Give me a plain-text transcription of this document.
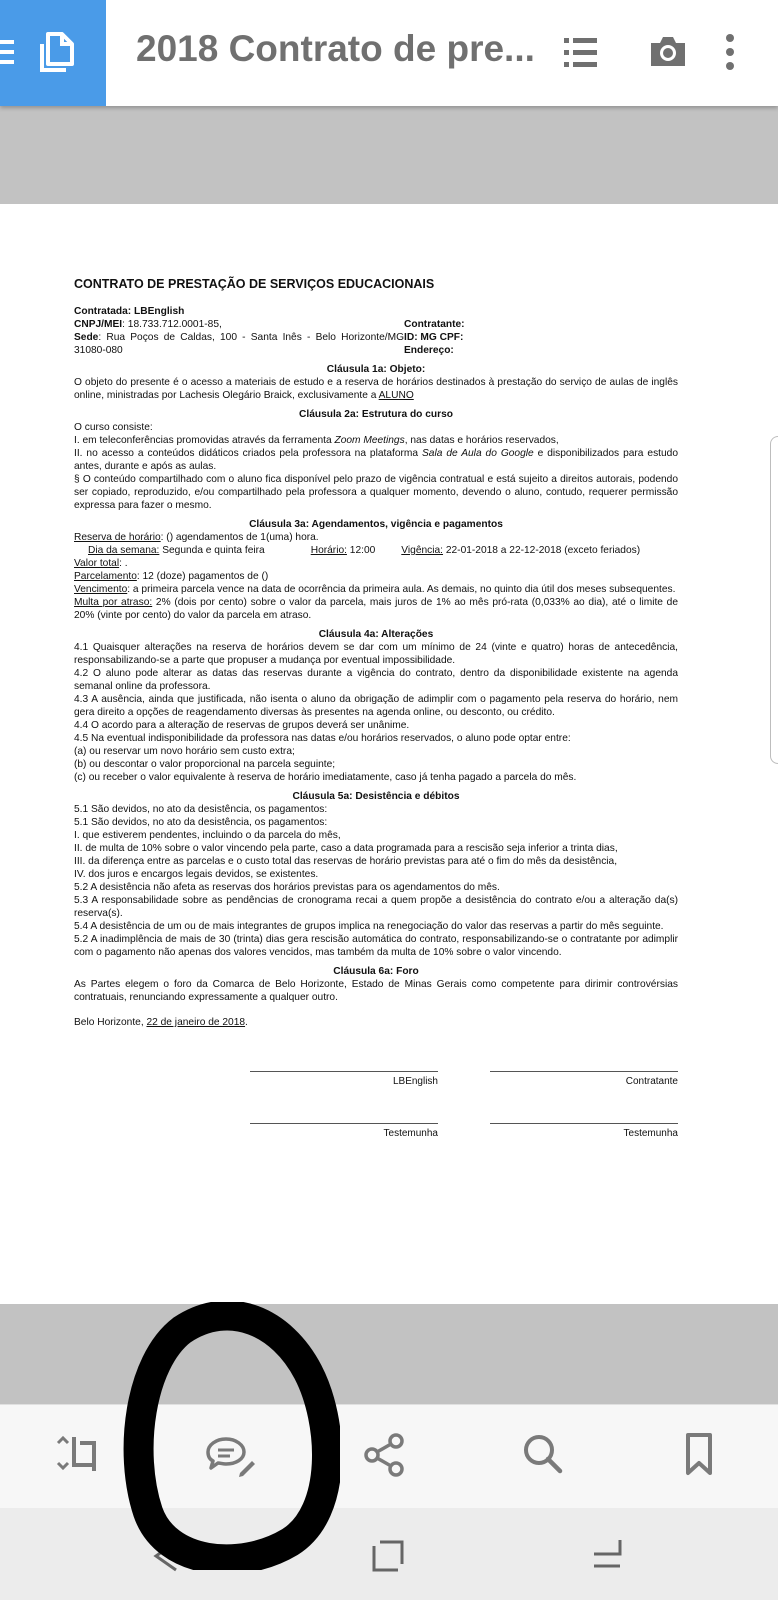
2018 Contrato de pre...

CONTRATO DE PRESTAÇÃO DE SERVIÇOS EDUCACIONAIS

Contratada: LBEnglish

CNPJ/MEI: 18.733.712.0001-85,

Sede: Rua Poços de Caldas, 100 - Santa Inês - Belo Horizonte/MG 31080-080

Contratante:

ID: MG CPF:

Endereço:

Cláusula 1a: Objeto:

O objeto do presente é o acesso a materiais de estudo e a reserva de horários destinados à prestação do serviço de aulas de inglês online, ministradas por Lachesis Olegário Braick, exclusivamente a ALUNO

Cláusula 2a: Estrutura do curso

O curso consiste:

I. em teleconferências promovidas através da ferramenta Zoom Meetings, nas datas e horários reservados,

II. no acesso a conteúdos didáticos criados pela professora na plataforma Sala de Aula do Google e disponibilizados para estudo antes, durante e após as aulas.

§ O conteúdo compartilhado com o aluno fica disponível pelo prazo de vigência contratual e está sujeito a direitos autorais, podendo ser copiado, reproduzido, e/ou compartilhado pela professora a qualquer momento, devendo o aluno, contudo, requerer permissão expressa para fazer o mesmo.

Cláusula 3a: Agendamentos, vigência e pagamentos

Reserva de horário: () agendamentos de 1(uma) hora.

Dia da semana: Segunda e quinta feira	Horário: 12:00	Vigência: 22-01-2018 a 22-12-2018 (exceto feriados)

Valor total: .

Parcelamento: 12 (doze) pagamentos de ()

Vencimento: a primeira parcela vence na data de ocorrência da primeira aula. As demais, no quinto dia útil dos meses subsequentes.

Multa por atraso: 2% (dois por cento) sobre o valor da parcela, mais juros de 1% ao mês pró-rata (0,033% ao dia), até o limite de 20% (vinte por cento) do valor da parcela em atraso.

Cláusula 4a: Alterações

4.1 Quaisquer alterações na reserva de horários devem se dar com um mínimo de 24 (vinte e quatro) horas de antecedência, responsabilizando-se a parte que propuser a mudança por eventual impossibilidade.

4.2 O aluno pode alterar as datas das reservas durante a vigência do contrato, dentro da disponibilidade existente na agenda semanal online da professora.

4.3 A ausência, ainda que justificada, não isenta o aluno da obrigação de adimplir com o pagamento pela reserva do horário, nem gera direito a opções de reagendamento diversas às presentes na agenda online, ou desconto, ou crédito.

4.4 O acordo para a alteração de reservas de grupos deverá ser unânime.

4.5 Na eventual indisponibilidade da professora nas datas e/ou horários reservados, o aluno pode optar entre:

(a) ou reservar um novo horário sem custo extra;

(b) ou descontar o valor proporcional na parcela seguinte;

(c) ou receber o valor equivalente à reserva de horário imediatamente, caso já tenha pagado a parcela do mês.

Cláusula 5a: Desistência e débitos

5.1 São devidos, no ato da desistência, os pagamentos:

5.1 São devidos, no ato da desistência, os pagamentos:

I. que estiverem pendentes, incluindo o da parcela do mês,

II. de multa de 10% sobre o valor vincendo pela parte, caso a data programada para a rescisão seja inferior a trinta dias,

III. da diferença entre as parcelas e o custo total das reservas de horário previstas para até o fim do mês da desistência,

IV. dos juros e encargos legais devidos, se existentes.

5.2 A desistência não afeta as reservas dos horários previstas para os agendamentos do mês.

5.3 A responsabilidade sobre as pendências de cronograma recai a quem propõe a desistência do contrato e/ou a alteração da(s) reserva(s).

5.4 A desistência de um ou de mais integrantes de grupos implica na renegociação do valor das reservas a partir do mês seguinte.

5.2 A inadimplência de mais de 30 (trinta) dias gera rescisão automática do contrato, responsabilizando-se o contratante por adimplir com o pagamento não apenas dos valores vencidos, mas também da multa de 10% sobre o valor vincendo.

Cláusula 6a: Foro

As Partes elegem o foro da Comarca de Belo Horizonte, Estado de Minas Gerais como competente para dirimir controvérsias contratuais, renunciando expressamente a qualquer outro.

Belo Horizonte, 22 de janeiro de 2018.

LBEnglish	Contratante
Testemunha	Testemunha
